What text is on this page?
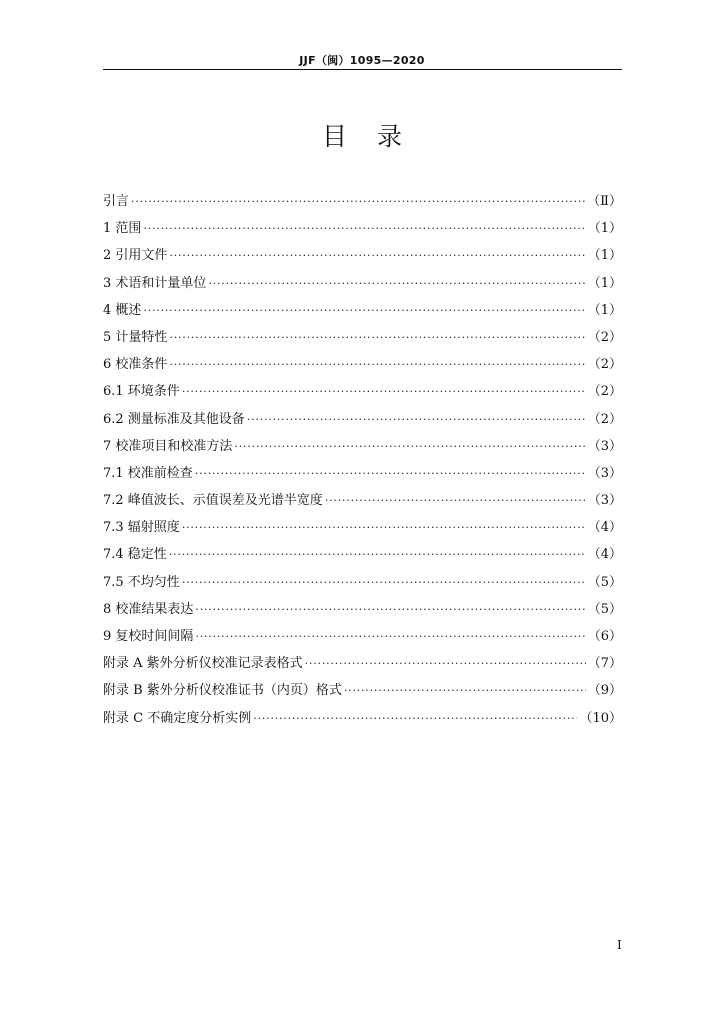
JJF（闽）1095—2020
目录
引言 ·····	（Ⅱ）
1 范围 ·····	（1）
2 引用文件 ·····	（1）
3 术语和计量单位 ·····	（1）
4 概述 ·····	（1）
5 计量特性 ·····	（2）
6 校准条件 ·····	（2）
6.1 环境条件 ·····	（2）
6.2 测量标准及其他设备 ·····	（2）
7 校准项目和校准方法 ·····	（3）
7.1 校准前检查 ·····	（3）
7.2 峰值波长、示值误差及光谱半宽度 ·····	（3）
7.3 辐射照度 ·····	（4）
7.4 稳定性 ·····	（4）
7.5 不均匀性 ·····	（5）
8 校准结果表达 ·····	（5）
9 复校时间间隔 ·····	（6）
附录 A 紫外分析仪校准记录表格式 ·····	（7）
附录 B 紫外分析仪校准证书（内页）格式 ·····	（9）
附录 C 不确定度分析实例 ·····	（10）
I
